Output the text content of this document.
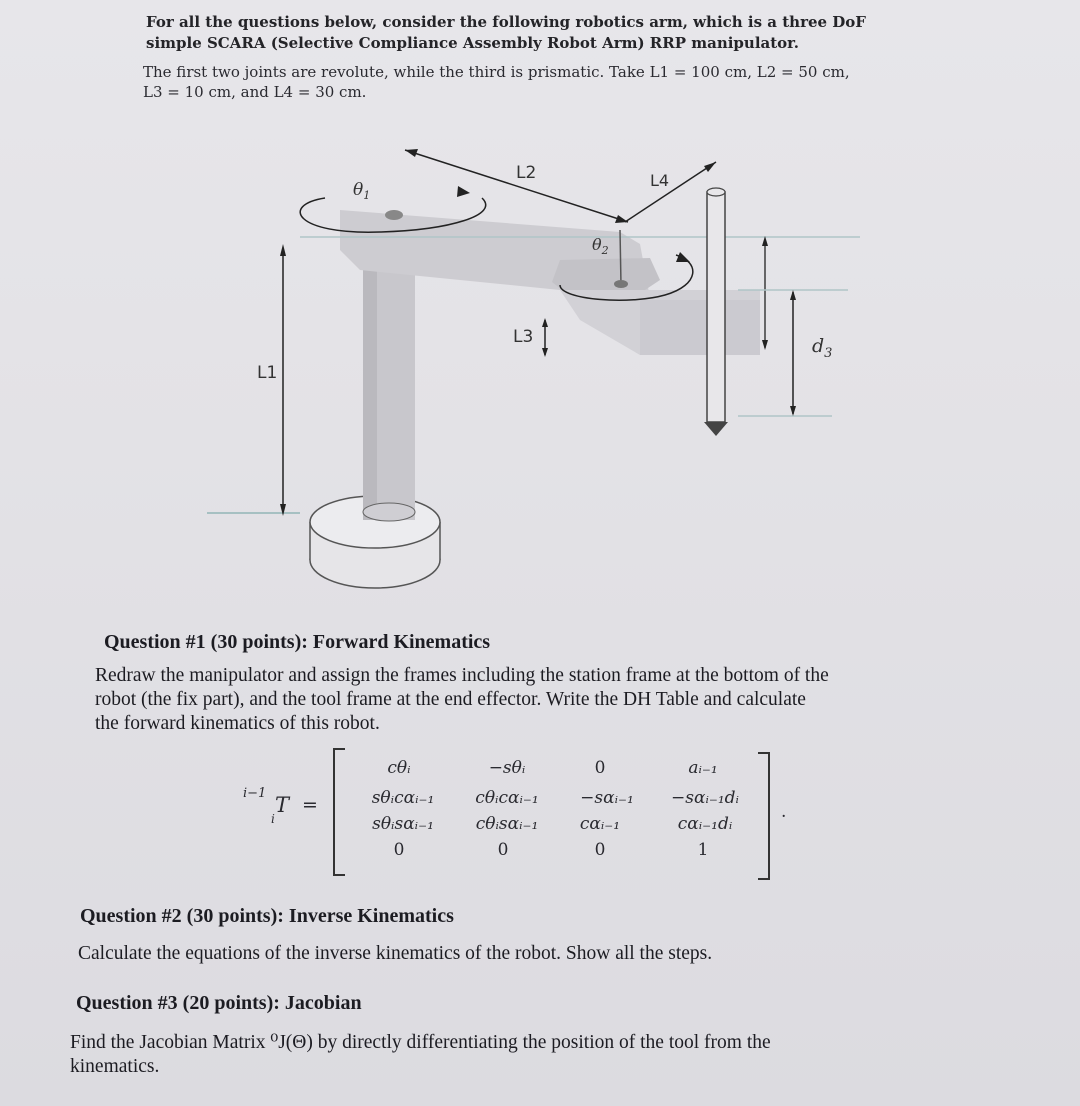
For all the questions below, consider the following robotics arm, which is a three DoF
simple SCARA (Selective Compliance Assembly Robot Arm) RRP manipulator.
The first two joints are revolute, while the third is prismatic. Take L1 = 100 cm, L2 = 50 cm,
L3 = 10 cm, and L4 = 30 cm.
L1
$\theta_1$
L2	L4
$\theta_2$
L3	$d_3$
Question #1 (30 points): Forward Kinematics
Redraw the manipulator and assign the frames including the station frame at the bottom of the
robot (the fix part), and the tool frame at the end effector. Write the DH Table and calculate
the forward kinematics of this robot.
i−1 T
i
=	.
cθᵢ	−sθᵢ	0	aᵢ₋₁
sθᵢcαᵢ₋₁	cθᵢcαᵢ₋₁	−sαᵢ₋₁	−sαᵢ₋₁dᵢ
sθᵢsαᵢ₋₁	cθᵢsαᵢ₋₁	cαᵢ₋₁	cαᵢ₋₁dᵢ
0	0	0	1
Question #2 (30 points): Inverse Kinematics
Calculate the equations of the inverse kinematics of the robot. Show all the steps.
Question #3 (20 points): Jacobian
Find the Jacobian Matrix ⁰J(Θ) by directly differentiating the position of the tool from the
kinematics.
